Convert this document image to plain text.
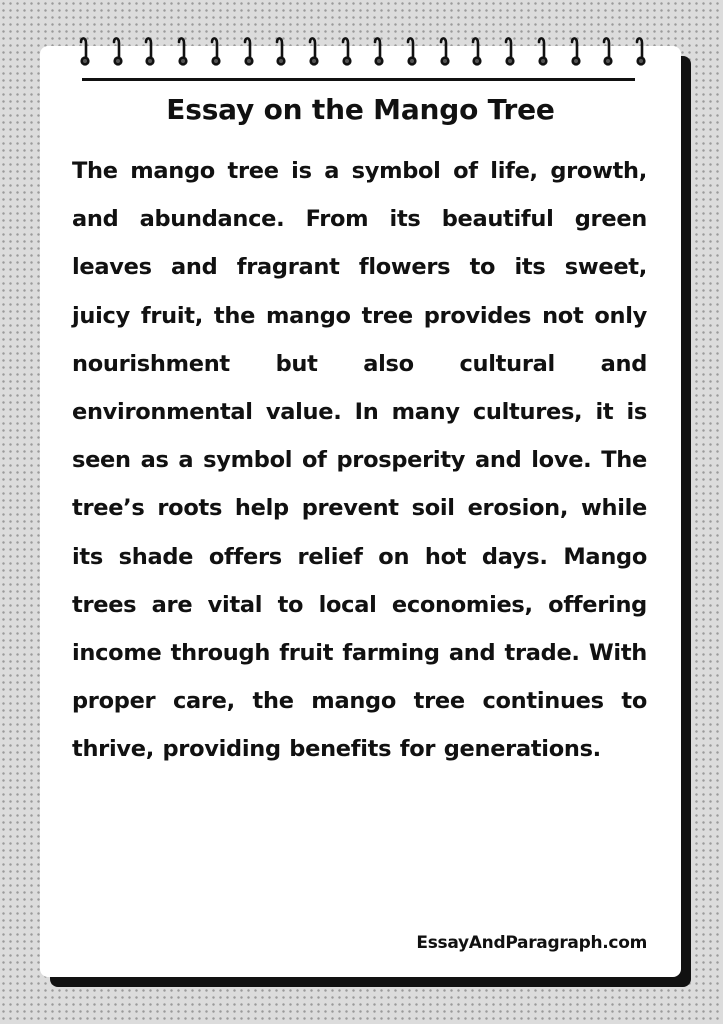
Essay on the Mango Tree

The mango tree is a symbol of life, growth, and abundance. From its beautiful green leaves and fragrant flowers to its sweet, juicy fruit, the mango tree provides not only nourishment but also cultural and environmental value. In many cultures, it is seen as a symbol of prosperity and love. The tree’s roots help prevent soil erosion, while its shade offers relief on hot days. Mango trees are vital to local economies, offering income through fruit farming and trade. With proper care, the mango tree continues to thrive, providing benefits for generations.

EssayAndParagraph.com
